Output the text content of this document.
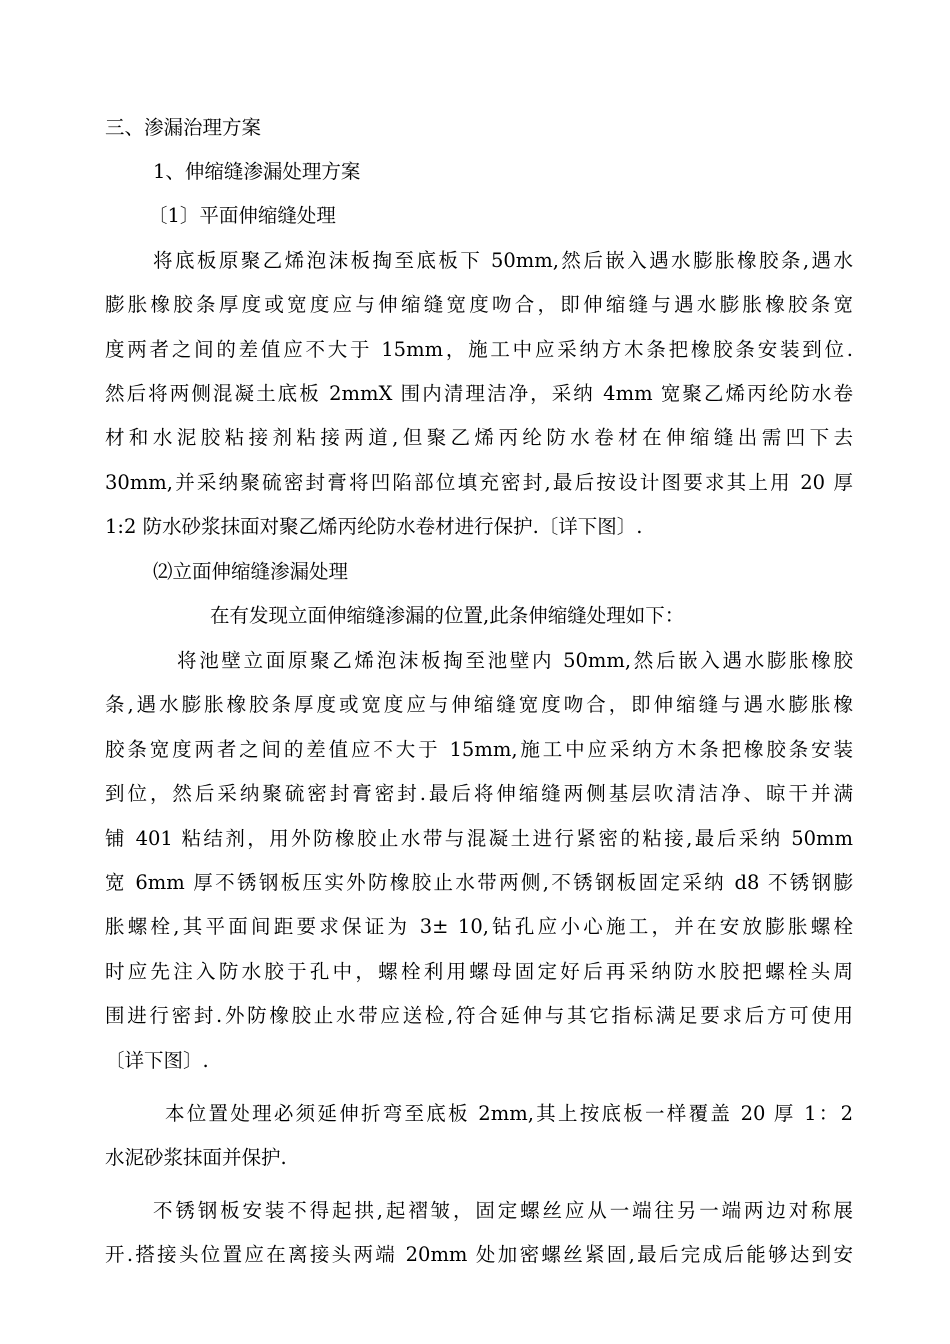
三、渗漏治理方案
1、伸缩缝渗漏处理方案
〔1〕平面伸缩缝处理
将底板原聚乙烯泡沫板掏至底板下 50mm,然后嵌入遇水膨胀橡胶条,遇水
膨胀橡胶条厚度或宽度应与伸缩缝宽度吻合，即伸缩缝与遇水膨胀橡胶条宽
度两者之间的差值应不大于 15mm，施工中应采纳方木条把橡胶条安装到位.
然后将两侧混凝土底板 2mmX 围内清理洁净，采纳 4mm 宽聚乙烯丙纶防水卷
材和水泥胶粘接剂粘接两道,但聚乙烯丙纶防水卷材在伸缩缝出需凹下去
30mm,并采纳聚硫密封膏将凹陷部位填充密封,最后按设计图要求其上用 20 厚
1:2 防水砂浆抹面对聚乙烯丙纶防水卷材进行保护.〔详下图〕.
⑵立面伸缩缝渗漏处理
在有发现立面伸缩缝渗漏的位置,此条伸缩缝处理如下：
将池壁立面原聚乙烯泡沫板掏至池壁内 50mm,然后嵌入遇水膨胀橡胶
条,遇水膨胀橡胶条厚度或宽度应与伸缩缝宽度吻合，即伸缩缝与遇水膨胀橡
胶条宽度两者之间的差值应不大于 15mm,施工中应采纳方木条把橡胶条安装
到位，然后采纳聚硫密封膏密封.最后将伸缩缝两侧基层吹清洁净、晾干并满
铺 401 粘结剂，用外防橡胶止水带与混凝土进行紧密的粘接,最后采纳 50mm
宽 6mm 厚不锈钢板压实外防橡胶止水带两侧,不锈钢板固定采纳 d8 不锈钢膨
胀螺栓,其平面间距要求保证为 3± 10,钻孔应小心施工，并在安放膨胀螺栓
时应先注入防水胶于孔中，螺栓利用螺母固定好后再采纳防水胶把螺栓头周
围进行密封.外防橡胶止水带应送检,符合延伸与其它指标满足要求后方可使用
〔详下图〕.
本位置处理必须延伸折弯至底板 2mm,其上按底板一样覆盖 20 厚 1：2
水泥砂浆抹面并保护.
不锈钢板安装不得起拱,起褶皱，固定螺丝应从一端往另一端两边对称展
开.搭接头位置应在离接头两端 20mm 处加密螺丝紧固,最后完成后能够达到安
